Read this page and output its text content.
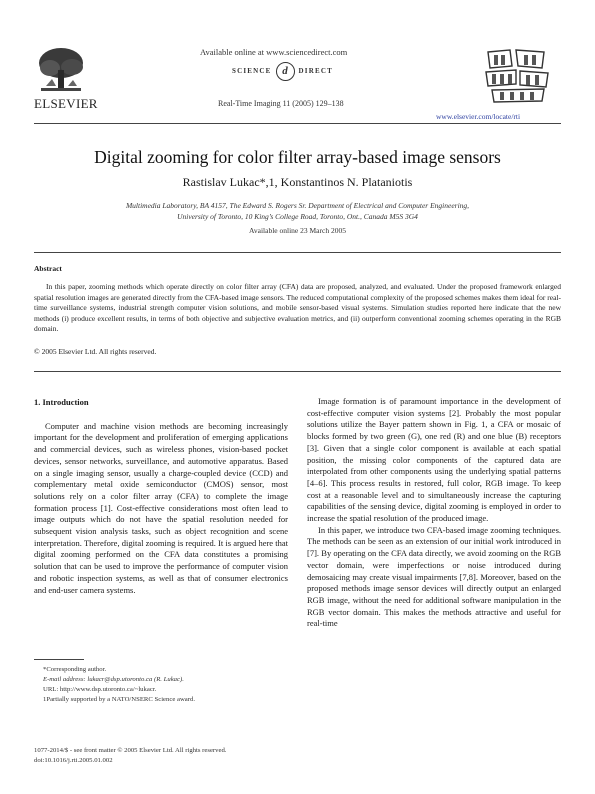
ELSEVIER
Available online at www.sciencedirect.com
SCIENCE d DIRECT
Real-Time Imaging 11 (2005) 129–138
www.elsevier.com/locate/rti
Digital zooming for color filter array-based image sensors
Rastislav Lukac*,1, Konstantinos N. Plataniotis
Multimedia Laboratory, BA 4157, The Edward S. Rogers Sr. Department of Electrical and Computer Engineering,
University of Toronto, 10 King’s College Road, Toronto, Ont., Canada M5S 3G4
Available online 23 March 2005
Abstract
In this paper, zooming methods which operate directly on color filter array (CFA) data are proposed, analyzed, and evaluated. Under the proposed framework enlarged spatial resolution images are generated directly from the CFA-based image sensors. The reduced computational complexity of the proposed schemes makes them ideal for real-time surveillance systems, industrial strength computer vision solutions, and mobile sensor-based visual systems. Simulation studies reported here indicate that the new methods (i) produce excellent results, in terms of both objective and subjective evaluation metrics, and (ii) outperform conventional zooming schemes operating in the RGB domain.
© 2005 Elsevier Ltd. All rights reserved.
1. Introduction

Computer and machine vision methods are becoming increasingly important for the development and proliferation of emerging applications and commercial devices, such as wireless phones, vision-based pocket devices, sensor networks, surveillance, and automotive apparatus. Based on a single imaging sensor, usually a charge-coupled device (CCD) and complementary metal oxide semiconductor (CMOS) sensor, most solutions rely on a color filter array (CFA) to complete the image formation process [1]. Cost-effective considerations most often lead to image outputs which do not have the spatial resolution needed for subsequent vision analysis tasks, such as object recognition and scene interpretation. Therefore, digital zooming is required. It is argued here that digital zooming performed on the CFA data constitutes a promising solution that can be used to improve the performance of computer vision and robotic inspection systems, as well as that of consumer electronics and end-user camera systems.

Image formation is of paramount importance in the development of cost-effective computer vision systems [2]. Probably the most popular solutions utilize the Bayer pattern shown in Fig. 1, a CFA or mosaic of blocks formed by two green (G), one red (R) and one blue (B) receptors [3]. Given that a single color component is available at each spatial position, the missing color components of the captured data are interpolated from other components using the underlying spatial patterns [4–6]. This process results in restored, full color, RGB image. To keep cost at a reasonable level and to simultaneously increase the capturing capabilities of the sensing device, digital zooming is employed in order to increase the spatial resolution of the produced image.

In this paper, we introduce two CFA-based image zooming techniques. The methods can be seen as an extension of our initial work introduced in [7]. By operating on the CFA data directly, we avoid zooming on the RGB vector domain, were imperfections or noise introduced during demosaicing may create visual impairments [7,8]. Moreover, based on the proposed methods image sensor devices will directly output an enlarged RGB image, without the need for additional software manipulation in the RGB vector domain. This makes the methods attractive and useful for real-time

*Corresponding author.
E-mail address: lukacr@dsp.utoronto.ca (R. Lukac).
URL: http://www.dsp.utoronto.ca/~lukacr.
1Partially supported by a NATO/NSERC Science award.
1077-2014/$ - see front matter © 2005 Elsevier Ltd. All rights reserved.
doi:10.1016/j.rti.2005.01.002
